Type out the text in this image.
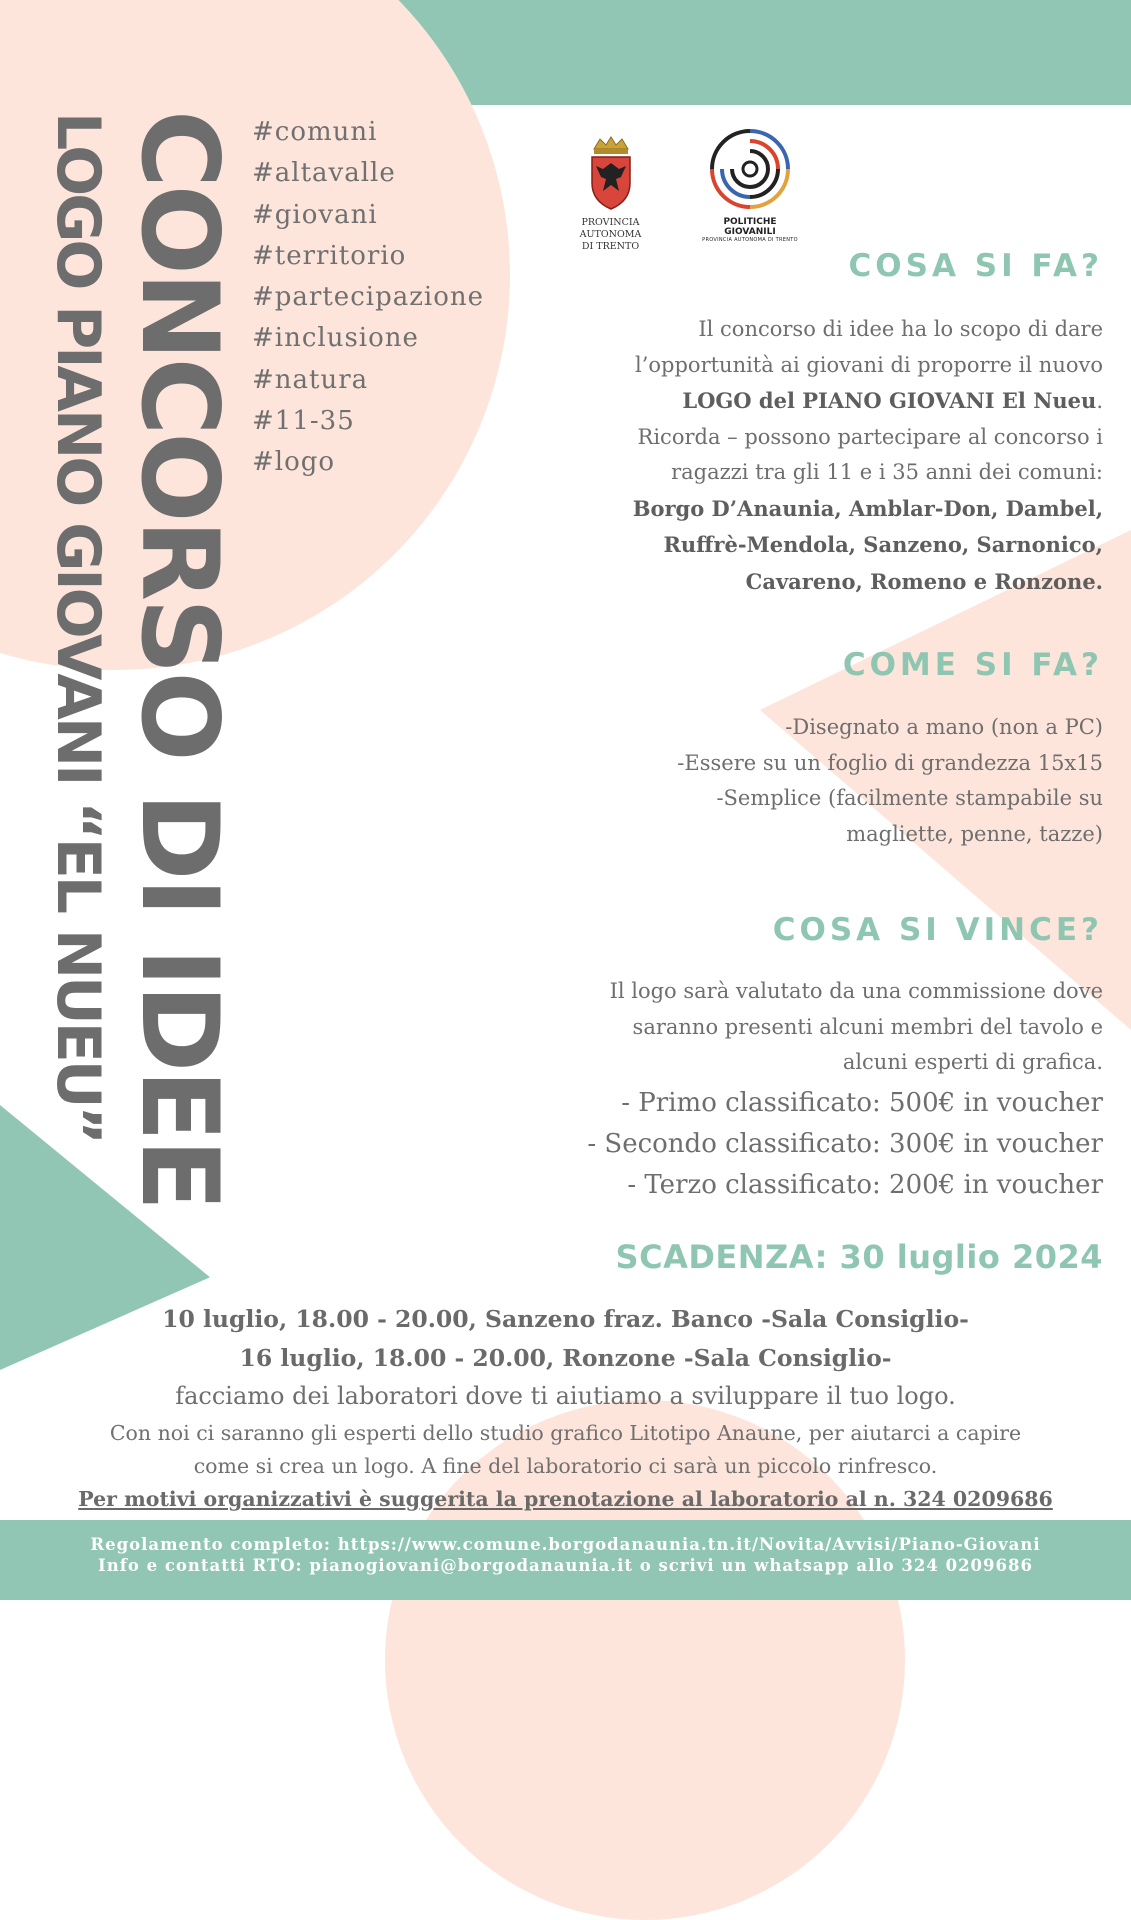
CONCORSO DI IDEE
LOGO PIANO GIOVANI “EL NUEU”	#comuni
#altavalle
#giovani
#territorio
#partecipazione
#inclusione
#natura
#11-35
#logo
PROVINCIA AUTONOMA
DI TRENTO
POLITICHE GIOVANILI
PROVINCIA AUTONOMA DI TRENTO
COSA SI FA?
Il concorso di idee ha lo scopo di dare
l’opportunità ai giovani di proporre il nuovo
LOGO del PIANO GIOVANI El Nueu.
Ricorda – possono partecipare al concorso i
ragazzi tra gli 11 e i 35 anni dei comuni:
Borgo D’Anaunia, Amblar-Don, Dambel,
Ruffrè-Mendola, Sanzeno, Sarnonico,
Cavareno, Romeno e Ronzone.
COME SI FA?
-Disegnato a mano (non a PC)
-Essere su un foglio di grandezza 15x15
-Semplice (facilmente stampabile su
magliette, penne, tazze)
COSA SI VINCE?
Il logo sarà valutato da una commissione dove
saranno presenti alcuni membri del tavolo e
alcuni esperti di grafica.
- Primo classificato: 500€ in voucher
- Secondo classificato: 300€ in voucher
- Terzo classificato: 200€ in voucher
SCADENZA: 30 luglio 2024

10 luglio, 18.00 - 20.00, Sanzeno fraz. Banco -Sala Consiglio-

16 luglio, 18.00 - 20.00, Ronzone -Sala Consiglio-

facciamo dei laboratori dove ti aiutiamo a sviluppare il tuo logo.

Con noi ci saranno gli esperti dello studio grafico Litotipo Anaune, per aiutarci a capire

come si crea un logo. A fine del laboratorio ci sarà un piccolo rinfresco.

Per motivi organizzativi è suggerita la prenotazione al laboratorio al n. 324 0209686

Regolamento completo: https://www.comune.borgodanaunia.tn.it/Novita/Avvisi/Piano-Giovani

Info e contatti RTO: pianogiovani@borgodanaunia.it o scrivi un whatsapp allo 324 0209686
